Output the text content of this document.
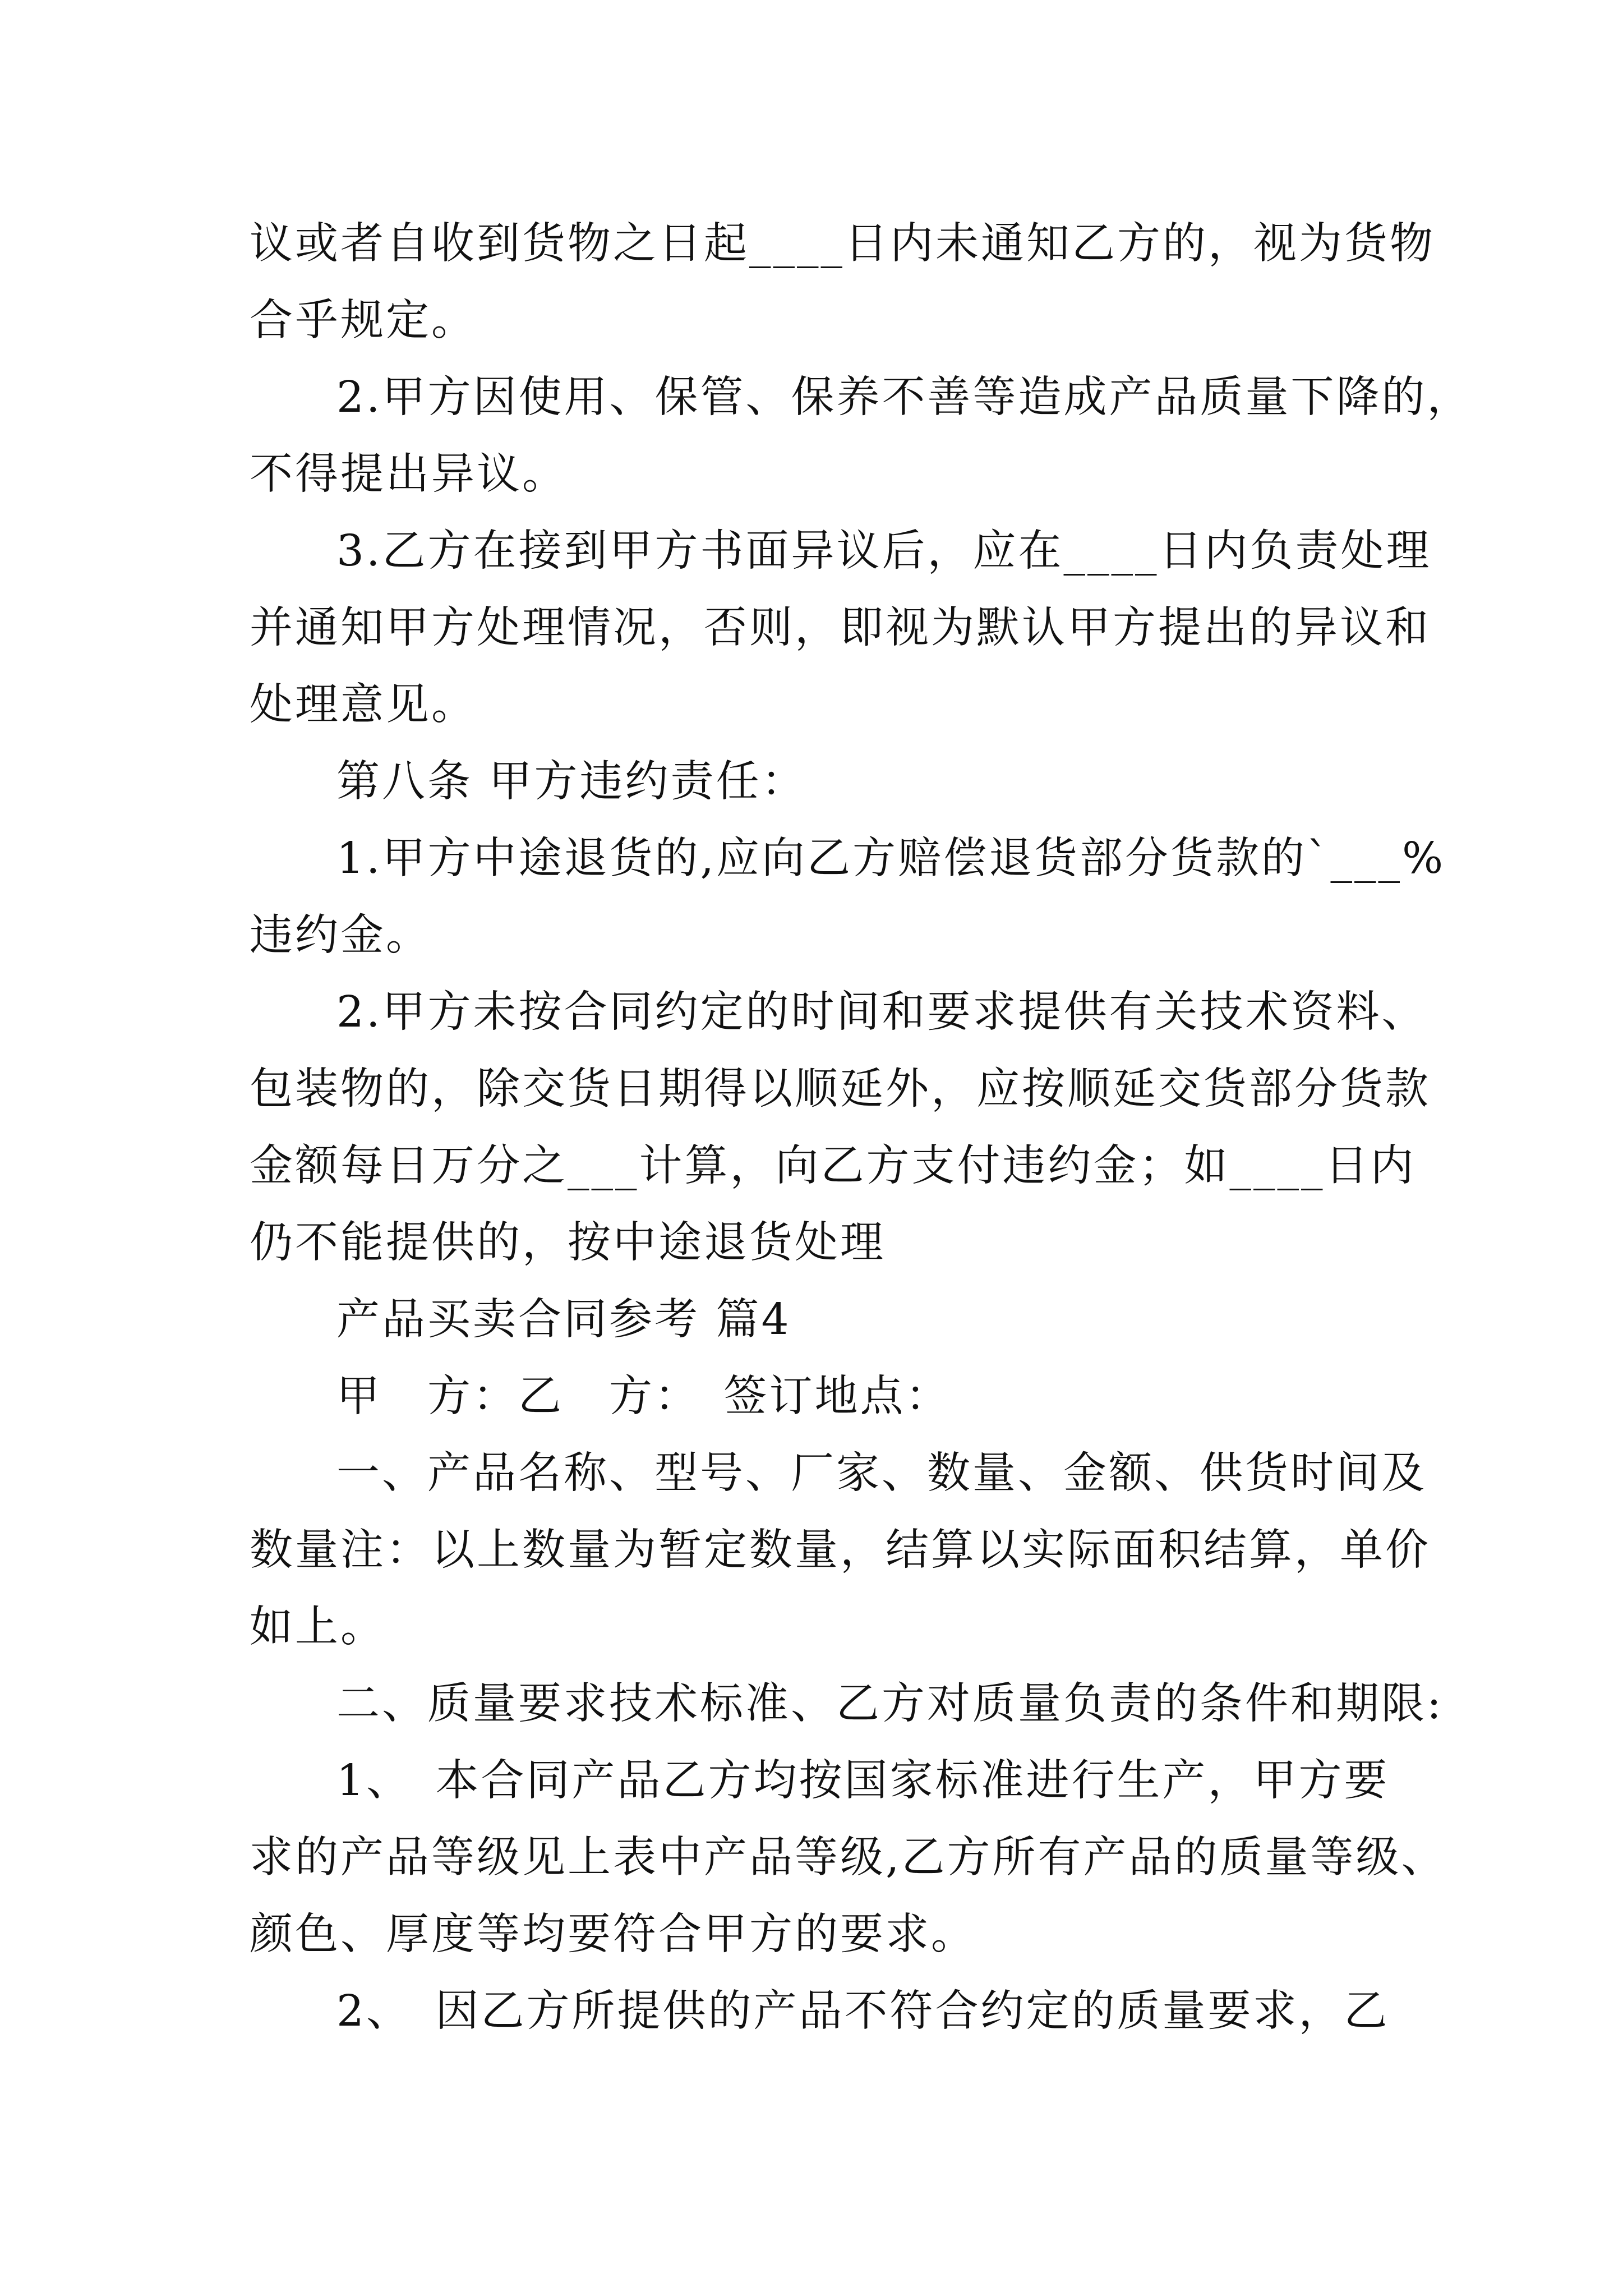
议或者自收到货物之日起____日内未通知乙方的，视为货物
合乎规定。
2.甲方因使用、保管、保养不善等造成产品质量下降的，
不得提出异议。
3.乙方在接到甲方书面异议后，应在____日内负责处理
并通知甲方处理情况，否则，即视为默认甲方提出的异议和
处理意见。
第八条 甲方违约责任：
1.甲方中途退货的,应向乙方赔偿退货部分货款的`___%
违约金。
2.甲方未按合同约定的时间和要求提供有关技术资料、
包装物的，除交货日期得以顺延外，应按顺延交货部分货款
金额每日万分之___计算，向乙方支付违约金；如____日内
仍不能提供的，按中途退货处理
产品买卖合同参考 篇4
甲　方：乙　方：　签订地点：
一、产品名称、型号、厂家、数量、金额、供货时间及
数量注：以上数量为暂定数量，结算以实际面积结算，单价
如上。
二、质量要求技术标准、乙方对质量负责的条件和期限:
1、　本合同产品乙方均按国家标准进行生产，甲方要
求的产品等级见上表中产品等级,乙方所有产品的质量等级、
颜色、厚度等均要符合甲方的要求。
2、　因乙方所提供的产品不符合约定的质量要求，乙
